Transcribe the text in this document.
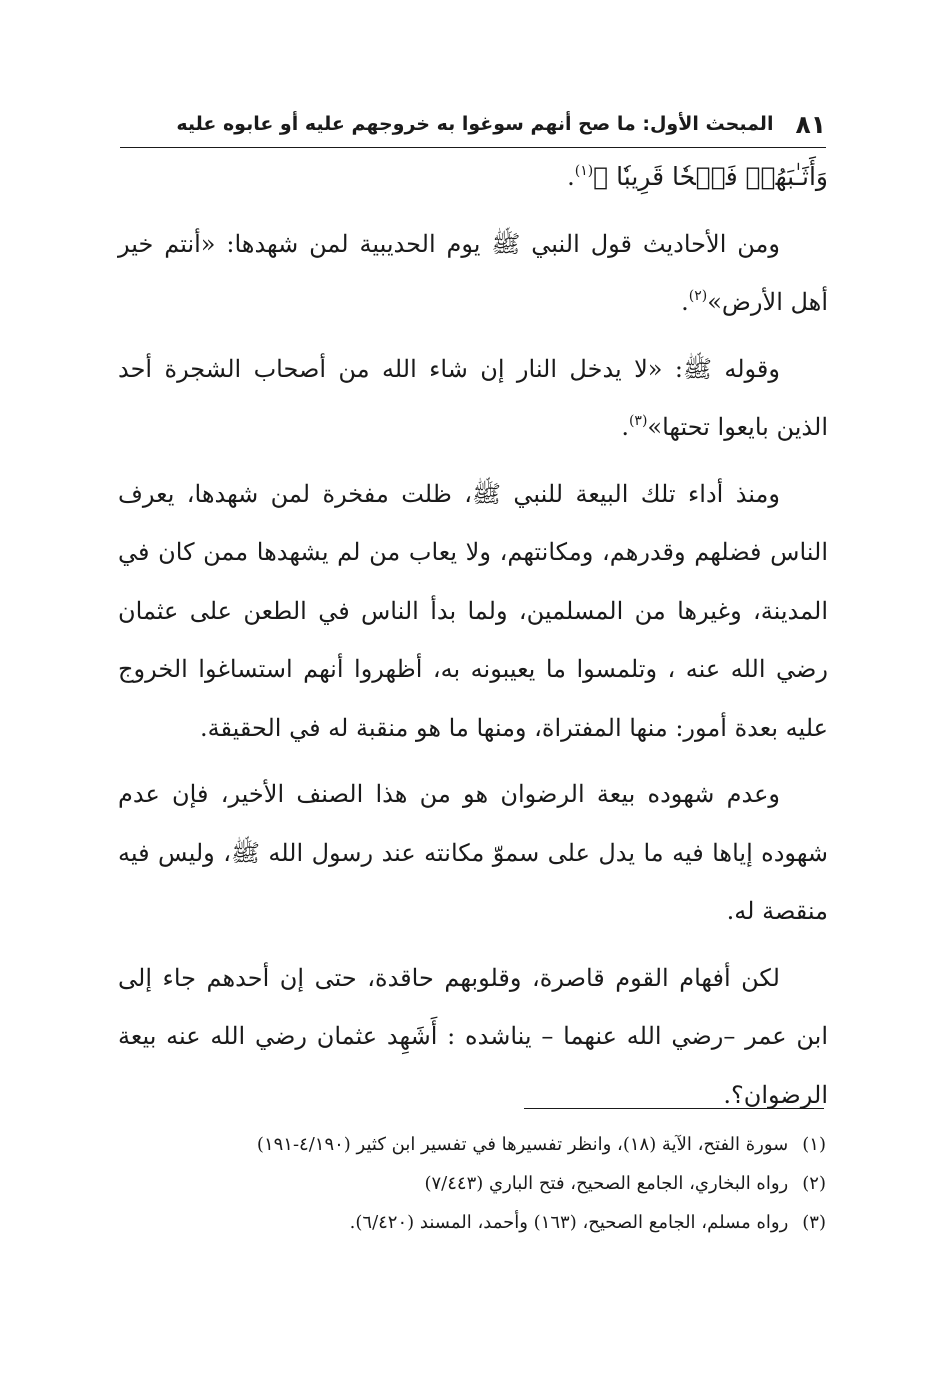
٨١
المبحث الأول: ما صح أنهم سوغوا به خروجهم عليه أو عابوه عليه

وَأَثَـٰبَهُمۡ فَتۡحٗا قَرِيبٗا ﴾$^{(١)}$.

ومن الأحاديث قول النبي ﷺ يوم الحديبية لمن شهدها: «أنتم خير أهل الأرض»$^{(٢)}$.

وقوله ﷺ: «لا يدخل النار إن شاء الله من أصحاب الشجرة أحد الذين بايعوا تحتها»$^{(٣)}$.

ومنذ أداء تلك البيعة للنبي ﷺ، ظلت مفخرة لمن شهدها، يعرف الناس فضلهم وقدرهم، ومكانتهم، ولا يعاب من لم يشهدها ممن كان في المدينة، وغيرها من المسلمين، ولما بدأ الناس في الطعن على عثمان رضي الله عنه ، وتلمسوا ما يعيبونه به، أظهروا أنهم استساغوا الخروج عليه بعدة أمور: منها المفتراة، ومنها ما هو منقبة له في الحقيقة.

وعدم شهوده بيعة الرضوان هو من هذا الصنف الأخير، فإن عدم شهوده إياها فيه ما يدل على سموّ مكانته عند رسول الله ﷺ، وليس فيه منقصة له.

لكن أفهام القوم قاصرة، وقلوبهم حاقدة، حتى إن أحدهم جاء إلى ابن عمر –رضي الله عنهما – يناشده : أَشَهِد عثمان رضي الله عنه بيعة الرضوان؟.

(١)
سورة الفتح، الآية (١٨)، وانظر تفسيرها في تفسير ابن كثير (٤/١٩٠-١٩١)
(٢)
رواه البخاري، الجامع الصحيح، فتح الباري (٧/٤٤٣)
(٣)
رواه مسلم، الجامع الصحيح، (١٦٣) وأحمد، المسند (٦/٤٢٠).
